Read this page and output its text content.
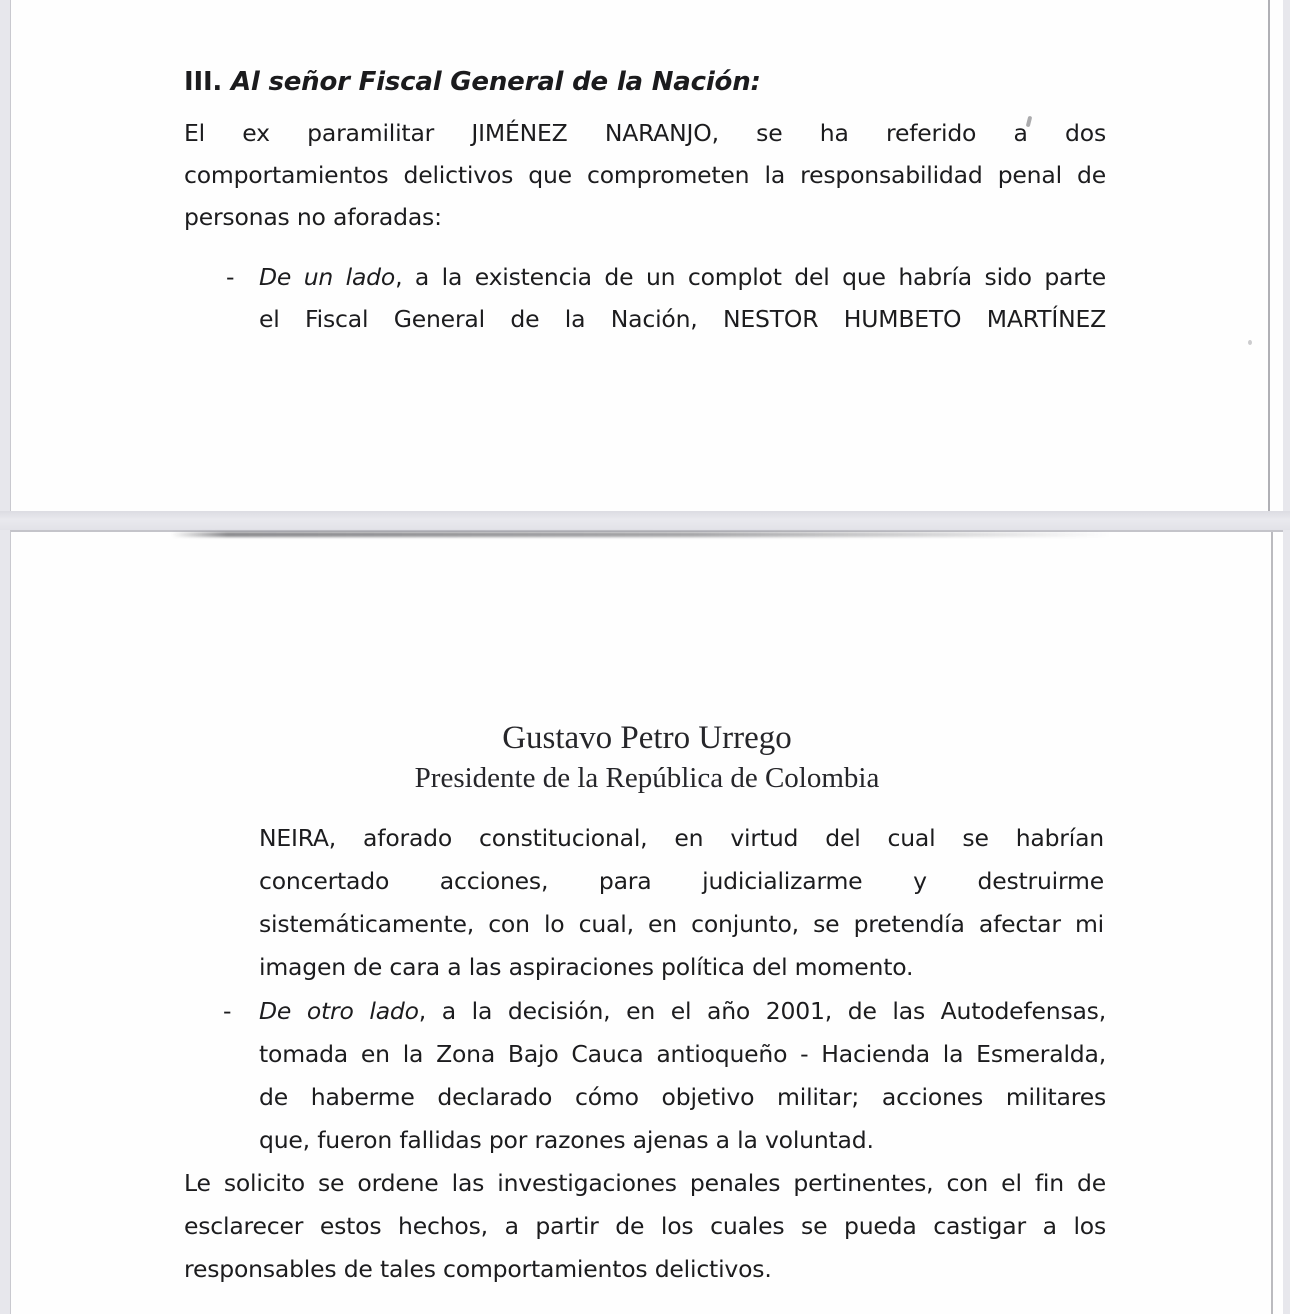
III. Al señor Fiscal General de la Nación:
El ex paramilitar JIMÉNEZ NARANJO, se ha referido a dos
comportamientos delictivos que comprometen la responsabilidad penal de
personas no aforadas:
- De un lado, a la existencia de un complot del que habría sido parte
el Fiscal General de la Nación, NESTOR HUMBETO MARTÍNEZ
Gustavo Petro Urrego
Presidente de la República de Colombia
NEIRA, aforado constitucional, en virtud del cual se habrían
concertado acciones, para judicializarme y destruirme
sistemáticamente, con lo cual, en conjunto, se pretendía afectar mi
imagen de cara a las aspiraciones política del momento.
- De otro lado, a la decisión, en el año 2001, de las Autodefensas,
tomada en la Zona Bajo Cauca antioqueño - Hacienda la Esmeralda,
de haberme declarado cómo objetivo militar; acciones militares
que, fueron fallidas por razones ajenas a la voluntad.
Le solicito se ordene las investigaciones penales pertinentes, con el fin de
esclarecer estos hechos, a partir de los cuales se pueda castigar a los
responsables de tales comportamientos delictivos.
